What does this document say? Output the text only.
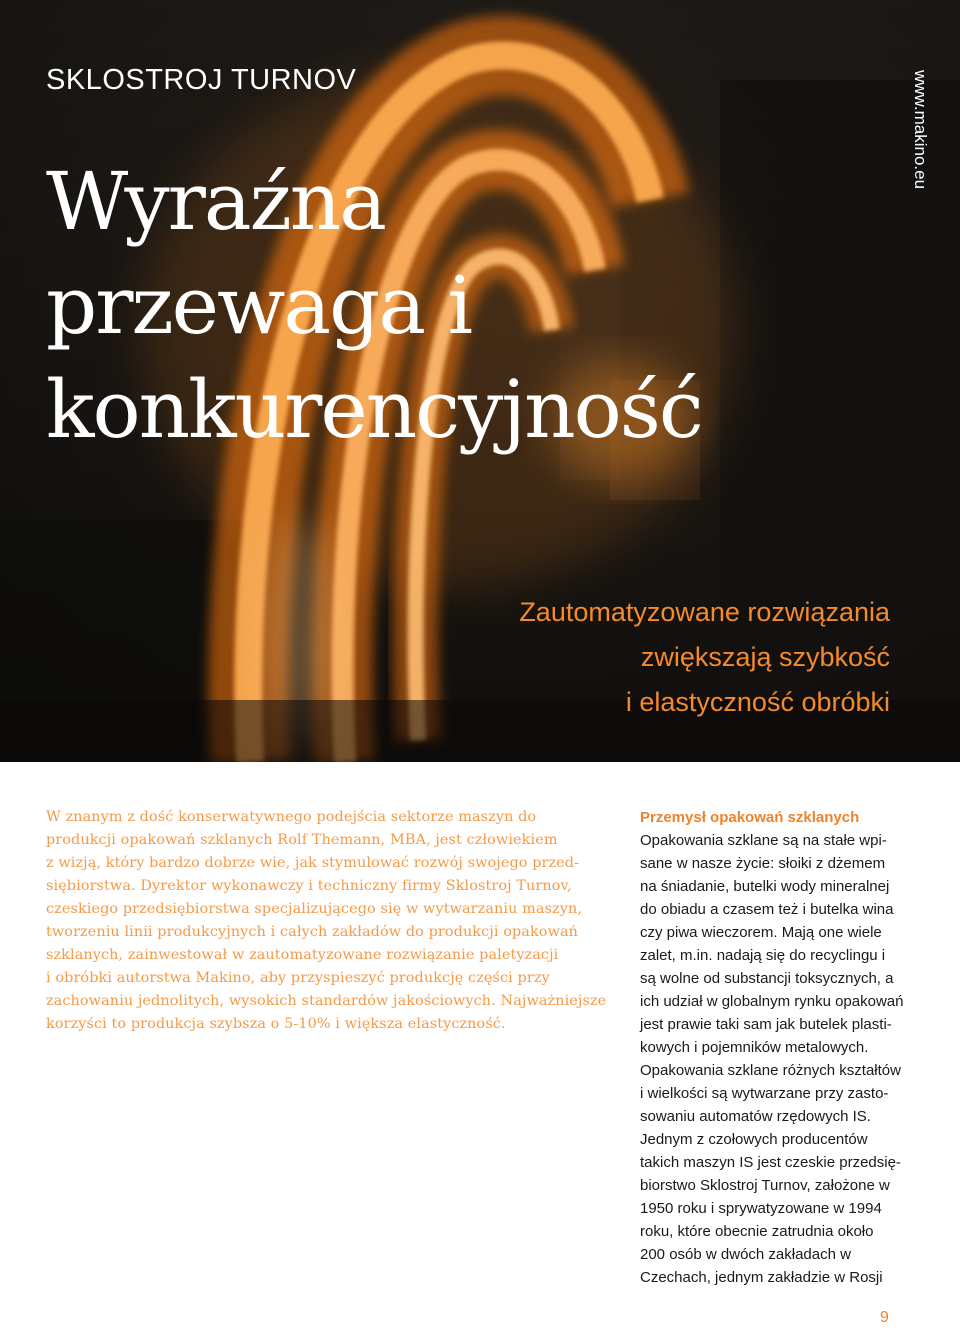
SKLOSTROJ TURNOV
Wyraźna
przewaga i
konkurencyjność
www.makino.eu
Zautomatyzowane rozwiązania
zwiększają szybkość
i elastyczność obróbki

W znanym z dość konserwatywnego podejścia sektorze maszyn do
produkcji opakowań szklanych Rolf Themann, MBA, jest człowiekiem
z wizją, który bardzo dobrze wie, jak stymulować rozwój swojego przed-
siębiorstwa. Dyrektor wykonawczy i techniczny firmy Sklostroj Turnov,
czeskiego przedsiębiorstwa specjalizującego się w wytwarzaniu maszyn,
tworzeniu linii produkcyjnych i całych zakładów do produkcji opakowań
szklanych, zainwestował w zautomatyzowane rozwiązanie paletyzacji
i obróbki autorstwa Makino, aby przyspieszyć produkcję części przy
zachowaniu jednolitych, wysokich standardów jakościowych. Najważniejsze
korzyści to produkcja szybsza o 5-10% i większa elastyczność.

Przemysł opakowań szklanych
Opakowania szklane są na stałe wpi-
sane w nasze życie: słoiki z dżemem
na śniadanie, butelki wody mineralnej
do obiadu a czasem też i butelka wina
czy piwa wieczorem. Mają one wiele
zalet, m.in. nadają się do recyclingu i
są wolne od substancji toksycznych, a
ich udział w globalnym rynku opakowań
jest prawie taki sam jak butelek plasti-
kowych i pojemników metalowych.
Opakowania szklane różnych kształtów
i wielkości są wytwarzane przy zasto-
sowaniu automatów rzędowych IS.
Jednym z czołowych producentów
takich maszyn IS jest czeskie przedsię-
biorstwo Sklostroj Turnov, założone w
1950 roku i sprywatyzowane w 1994
roku, które obecnie zatrudnia około
200 osób w dwóch zakładach w
Czechach, jednym zakładzie w Rosji
9
